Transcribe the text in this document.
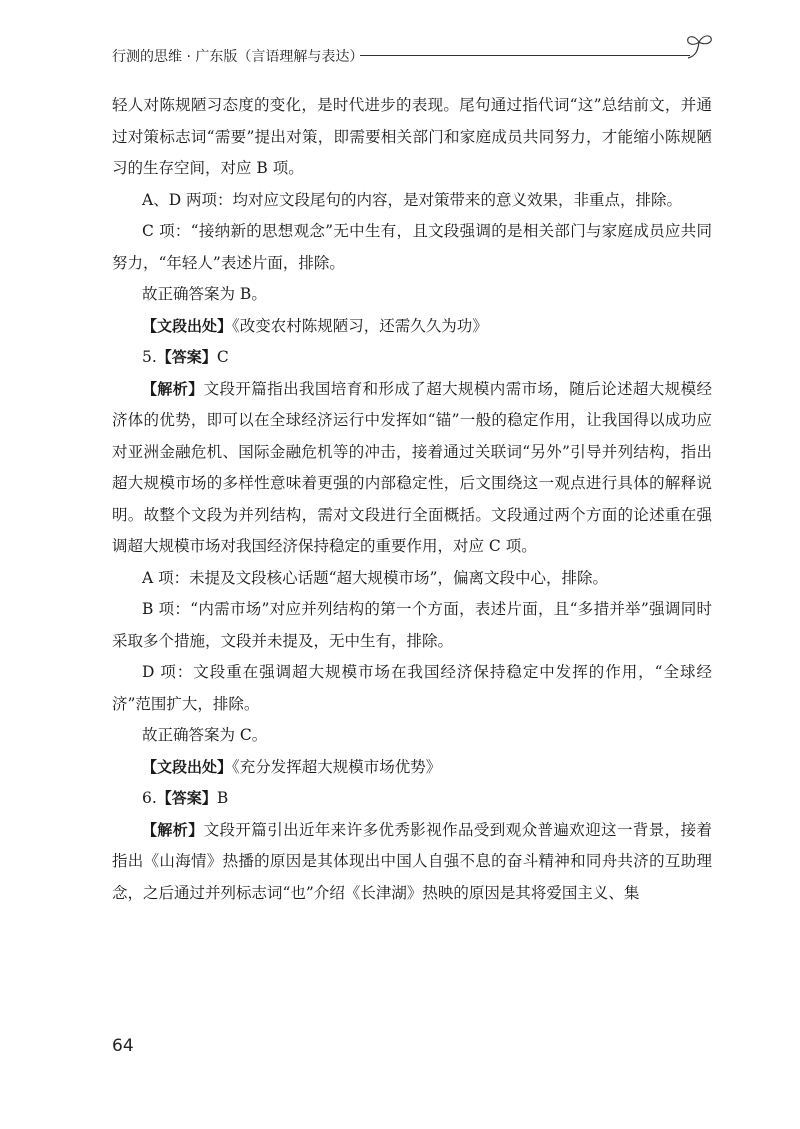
行测的思维 · 广东版（言语理解与表达）

轻人对陈规陋习态度的变化，是时代进步的表现。尾句通过指代词“这”总结前文，并通过对策标志词“需要”提出对策，即需要相关部门和家庭成员共同努力，才能缩小陈规陋习的生存空间，对应 B 项。

A、D 两项：均对应文段尾句的内容，是对策带来的意义效果，非重点，排除。

C 项：“接纳新的思想观念”无中生有，且文段强调的是相关部门与家庭成员应共同努力，“年轻人”表述片面，排除。

故正确答案为 B。

【文段出处】《改变农村陈规陋习，还需久久为功》

5.【答案】C

【解析】文段开篇指出我国培育和形成了超大规模内需市场，随后论述超大规模经济体的优势，即可以在全球经济运行中发挥如“锚”一般的稳定作用，让我国得以成功应对亚洲金融危机、国际金融危机等的冲击，接着通过关联词“另外”引导并列结构，指出超大规模市场的多样性意味着更强的内部稳定性，后文围绕这一观点进行具体的解释说明。故整个文段为并列结构，需对文段进行全面概括。文段通过两个方面的论述重在强调超大规模市场对我国经济保持稳定的重要作用，对应 C 项。

A 项：未提及文段核心话题“超大规模市场”，偏离文段中心，排除。

B 项：“内需市场”对应并列结构的第一个方面，表述片面，且“多措并举”强调同时采取多个措施，文段并未提及，无中生有，排除。

D 项：文段重在强调超大规模市场在我国经济保持稳定中发挥的作用，“全球经济”范围扩大，排除。

故正确答案为 C。

【文段出处】《充分发挥超大规模市场优势》

6.【答案】B

【解析】文段开篇引出近年来许多优秀影视作品受到观众普遍欢迎这一背景，接着指出《山海情》热播的原因是其体现出中国人自强不息的奋斗精神和同舟共济的互助理念，之后通过并列标志词“也”介绍《长津湖》热映的原因是其将爱国主义、集

64
